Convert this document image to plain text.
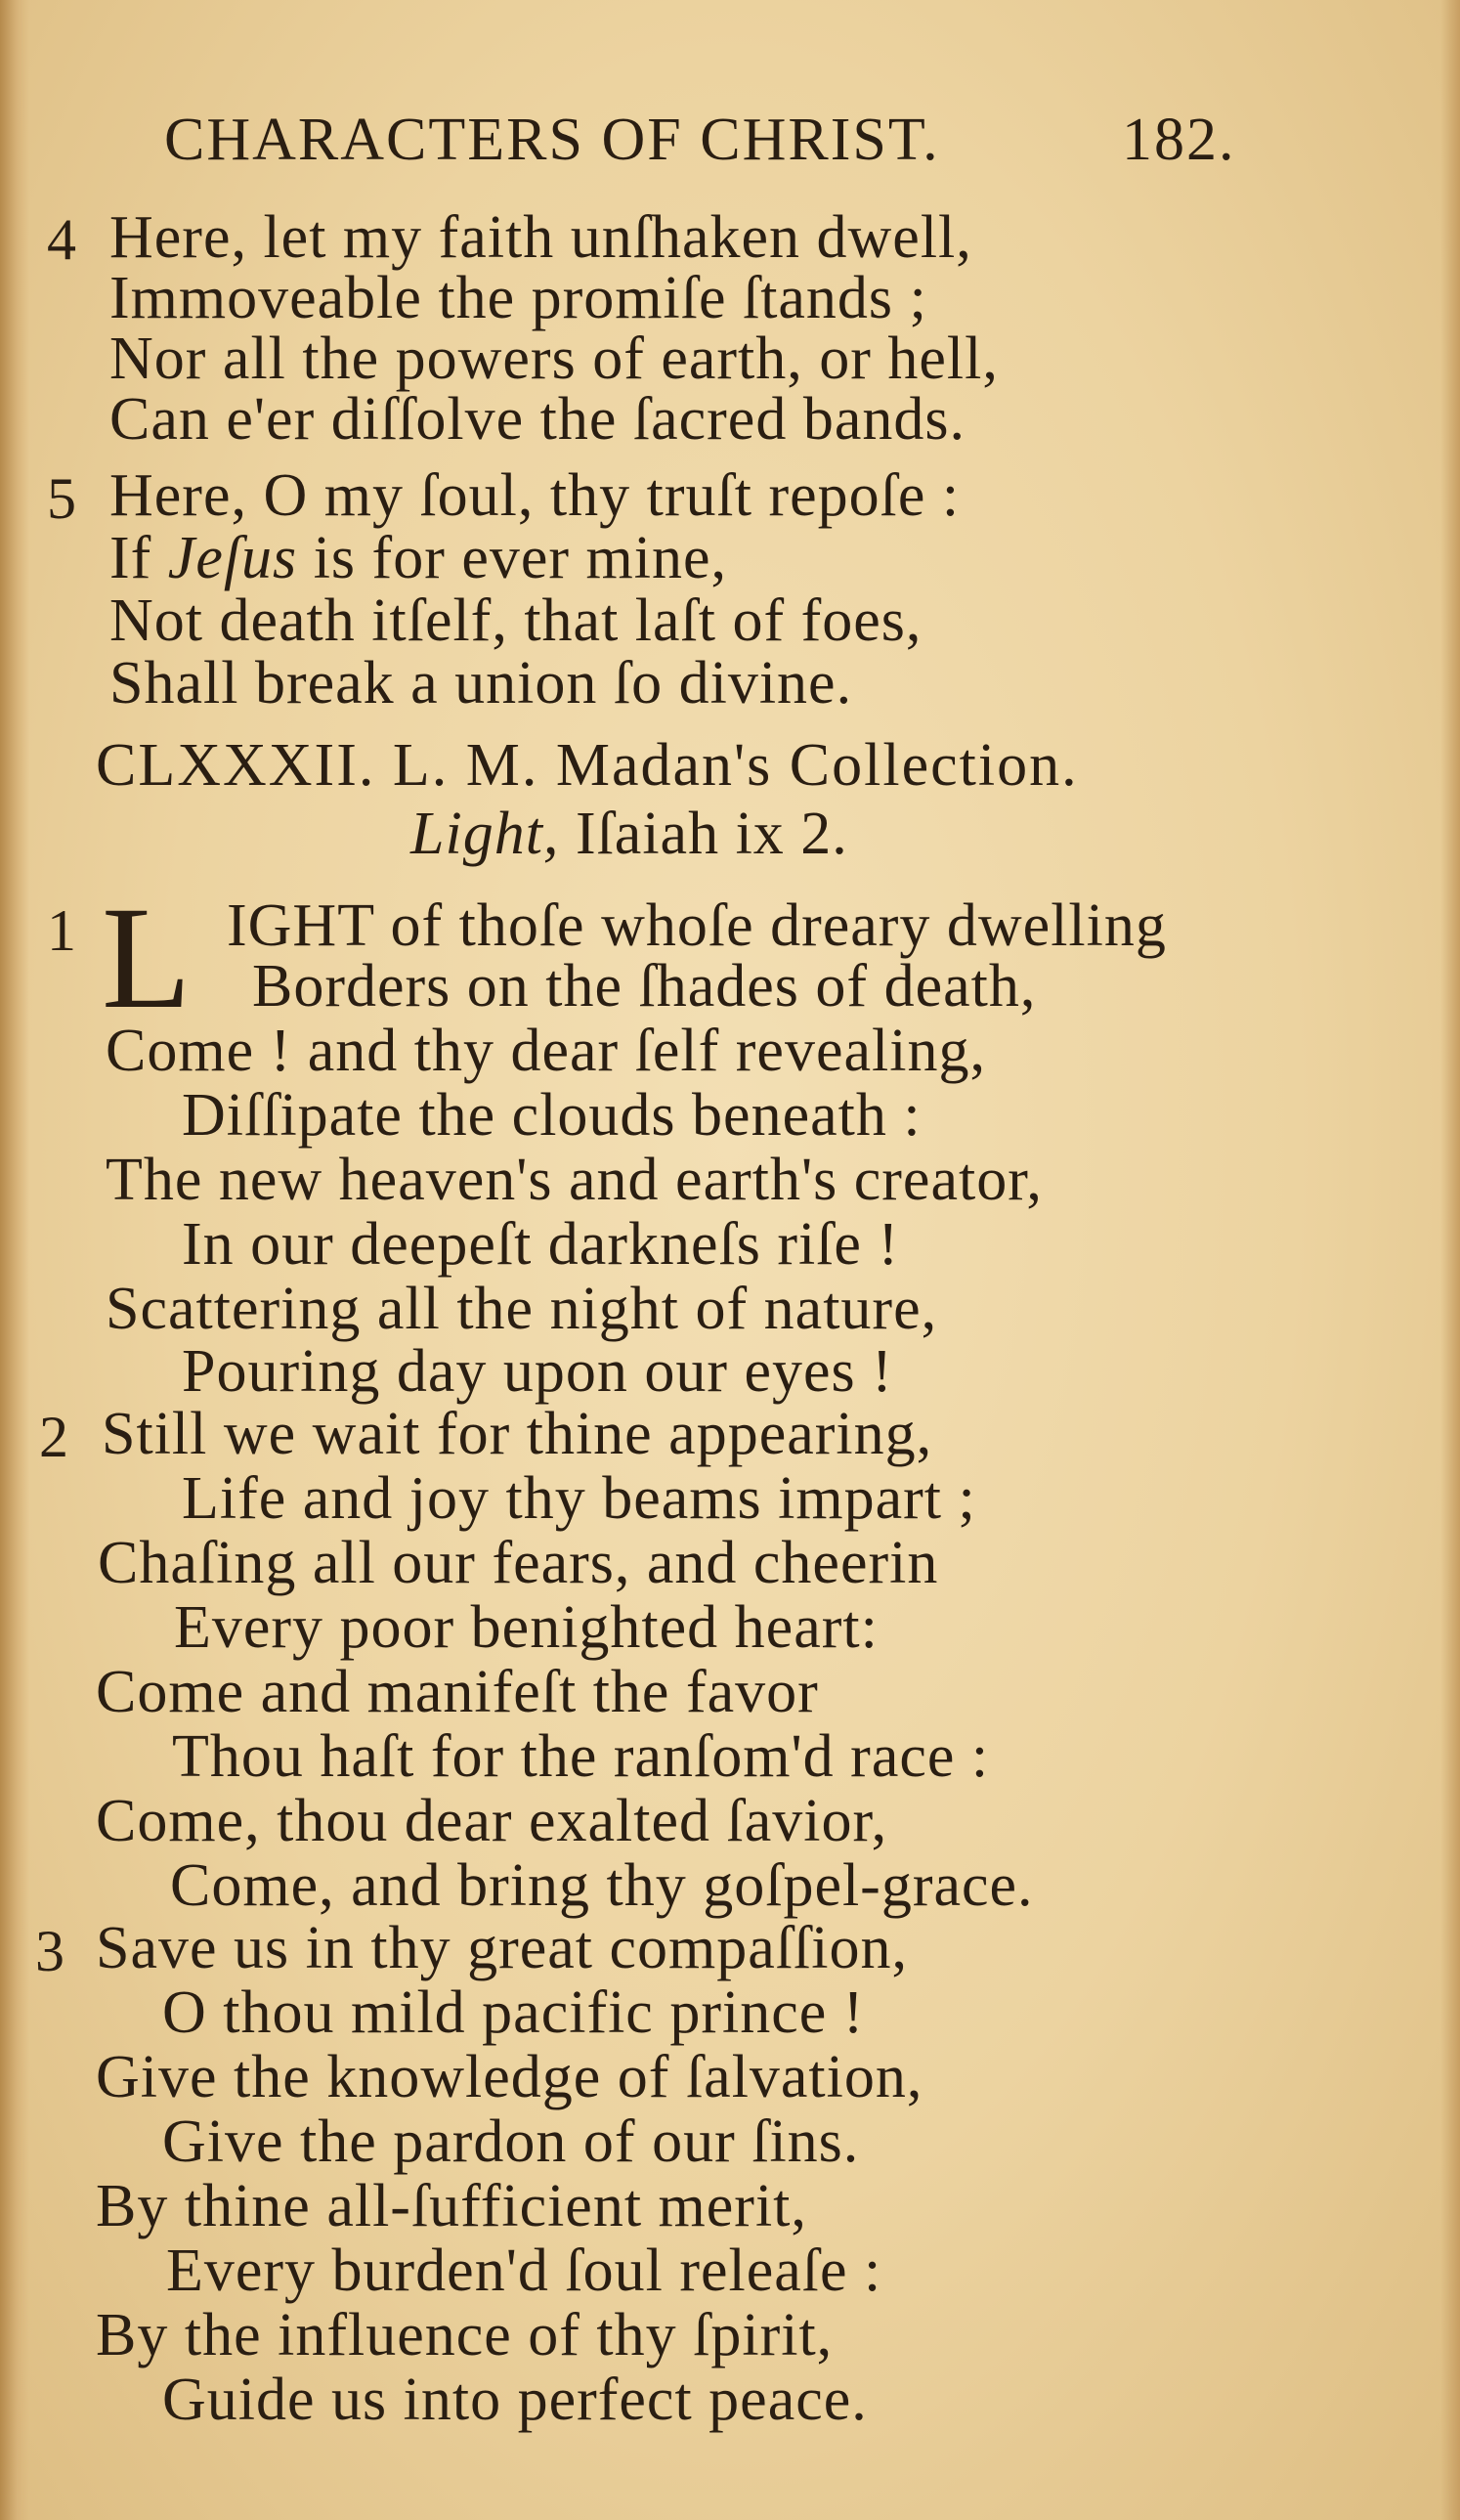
CHARACTERS OF CHRIST.	182.
4 Here, let my faith unſhaken dwell,
Immoveable the promiſe ſtands ;
Nor all the powers of earth, or hell,
Can e'er diſſolve the ſacred bands.
5 Here, O my ſoul, thy truſt repoſe :
If Jeſus is for ever mine,
Not death itſelf, that laſt of foes,
Shall break a union ſo divine.
CLXXXII. L. M. Madan's Collection.
Light, Iſaiah ix 2.
1 L IGHT of thoſe whoſe dreary dwelling
Borders on the ſhades of death,
Come ! and thy dear ſelf revealing,
Diſſipate the clouds beneath :
The new heaven's and earth's creator,
In our deepeſt darkneſs riſe !
Scattering all the night of nature,
Pouring day upon our eyes !
2 Still we wait for thine appearing,
Life and joy thy beams impart ;
Chaſing all our fears, and cheerin
Every poor benighted heart:
Come and manifeſt the favor
Thou haſt for the ranſom'd race :
Come, thou dear exalted ſavior,
Come, and bring thy goſpel-grace.
3 Save us in thy great compaſſion,
O thou mild pacific prince !
Give the knowledge of ſalvation,
Give the pardon of our ſins.
By thine all-ſufficient merit,
Every burden'd ſoul releaſe :
By the influence of thy ſpirit,
Guide us into perfect peace.
